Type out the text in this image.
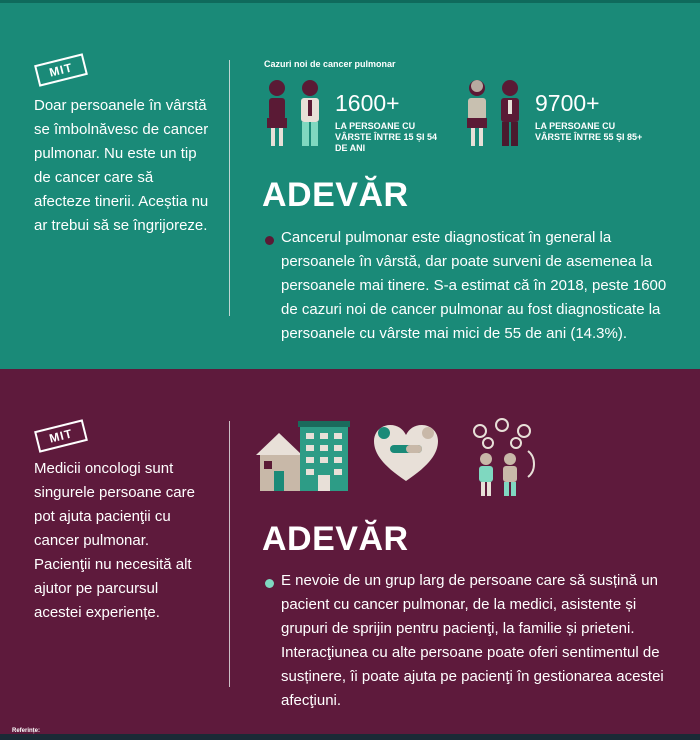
MIT
Doar persoanele în vârstă se îmbolnăvesc de cancer pulmonar. Nu este un tip de cancer care să afecteze tinerii. Aceștia nu ar trebui să se îngrijoreze.
Cazuri noi de cancer pulmonar
1600+
LA PERSOANE CU VÂRSTE ÎNTRE 15 ȘI 54 DE ANI
9700+
LA PERSOANE CU VÂRSTE ÎNTRE 55 ȘI 85+
ADEVĂR
Cancerul pulmonar este diagnosticat în general la persoanele în vârstă, dar poate surveni de asemenea la persoanele mai tinere. S-a estimat că în 2018, peste 1600 de cazuri noi de cancer pulmonar au fost diagnosticate la persoanele cu vârste mai mici de 55 de ani (14.3%).
MIT
Medicii oncologi sunt singurele persoane care pot ajuta pacienţii cu cancer pulmonar. Pacienţii nu necesită alt ajutor pe parcursul acestei experiențe.
ADEVĂR
E nevoie de un grup larg de persoane care să susțină un pacient cu cancer pulmonar, de la medici, asistente și grupuri de sprijin pentru pacienţi, la familie și prieteni. Interacţiunea cu alte persoane poate oferi sentimentul de susținere, îi poate ajuta pe pacienţi în gestionarea acestei afecţiuni.
Referințe:
